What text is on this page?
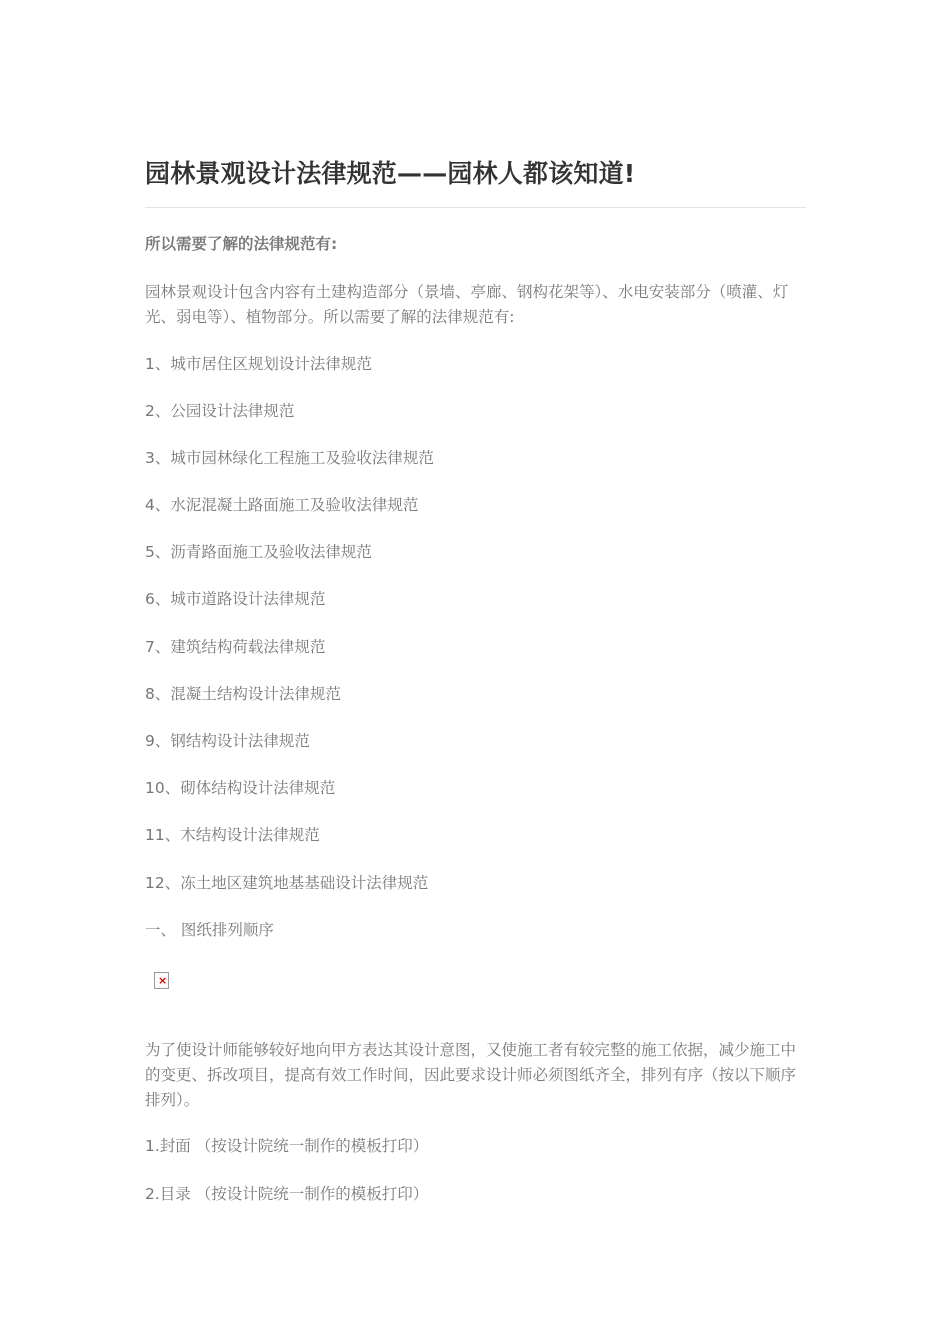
园林景观设计法律规范——园林人都该知道!
所以需要了解的法律规范有:
园林景观设计包含内容有土建构造部分（景墙、亭廊、钢构花架等）、水电安装部分（喷灌、灯光、弱电等）、植物部分。所以需要了解的法律规范有:
1、城市居住区规划设计法律规范
2、公园设计法律规范
3、城市园林绿化工程施工及验收法律规范
4、水泥混凝土路面施工及验收法律规范
5、沥青路面施工及验收法律规范
6、城市道路设计法律规范
7、建筑结构荷载法律规范
8、混凝土结构设计法律规范
9、钢结构设计法律规范
10、砌体结构设计法律规范
11、木结构设计法律规范
12、冻土地区建筑地基基础设计法律规范
一、 图纸排列顺序
×
为了使设计师能够较好地向甲方表达其设计意图，又使施工者有较完整的施工依据，减少施工中的变更、拆改项目，提高有效工作时间，因此要求设计师必须图纸齐全，排列有序（按以下顺序排列）。
1.封面 （按设计院统一制作的模板打印）
2.目录 （按设计院统一制作的模板打印）
